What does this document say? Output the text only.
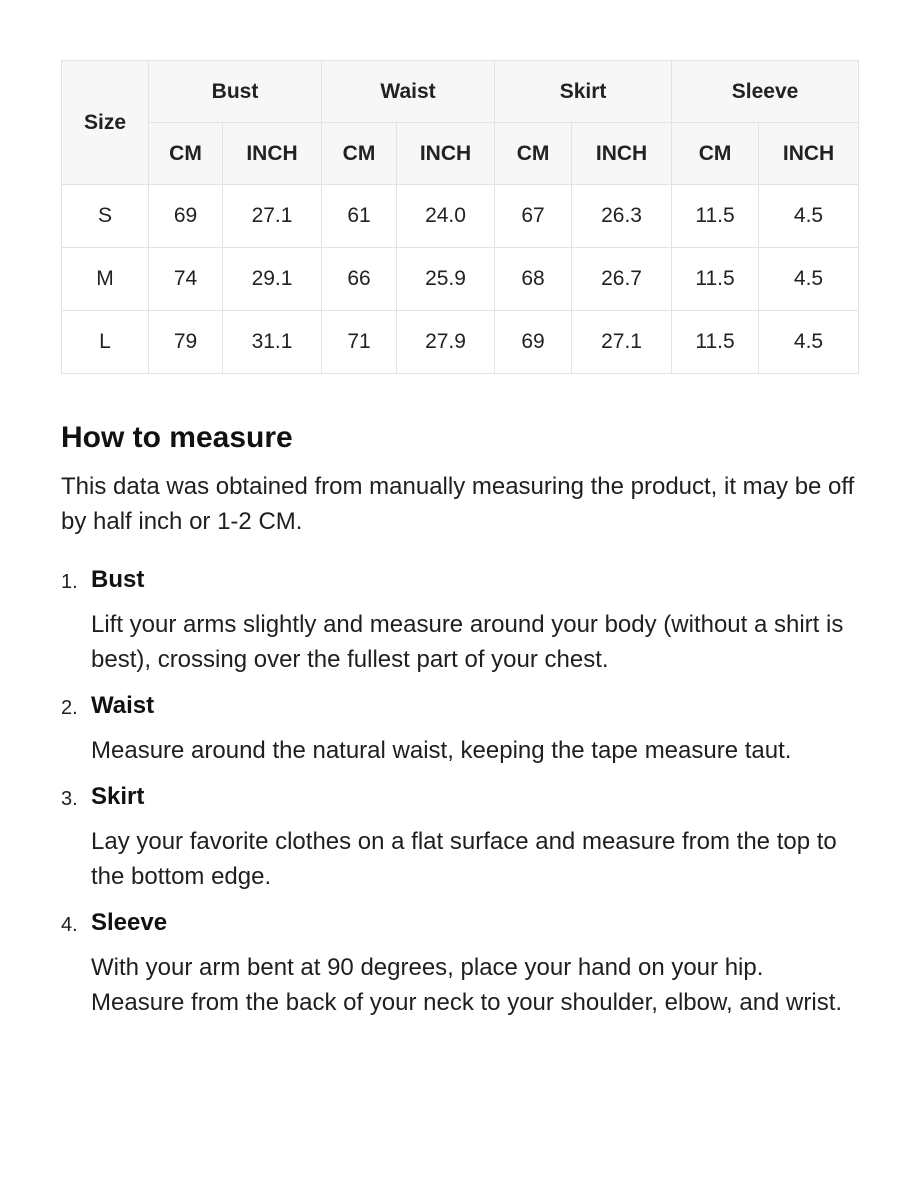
Size	Bust		Waist		Skirt		Sleeve	
	CM	INCH	CM	INCH	CM	INCH	CM	INCH
S	69	27.1	61	24.0	67	26.3	11.5	4.5
M	74	29.1	66	25.9	68	26.7	11.5	4.5
L	79	31.1	71	27.9	69	27.1	11.5	4.5
How to measure

This data was obtained from manually measuring the product, it may be off by half inch or 1-2 CM.

1. Bust

Lift your arms slightly and measure around your body (without a shirt is best), crossing over the fullest part of your chest.

2. Waist

Measure around the natural waist, keeping the tape measure taut.

3. Skirt

Lay your favorite clothes on a flat surface and measure from the top to the bottom edge.

4. Sleeve

With your arm bent at 90 degrees, place your hand on your hip. Measure from the back of your neck to your shoulder, elbow, and wrist.
